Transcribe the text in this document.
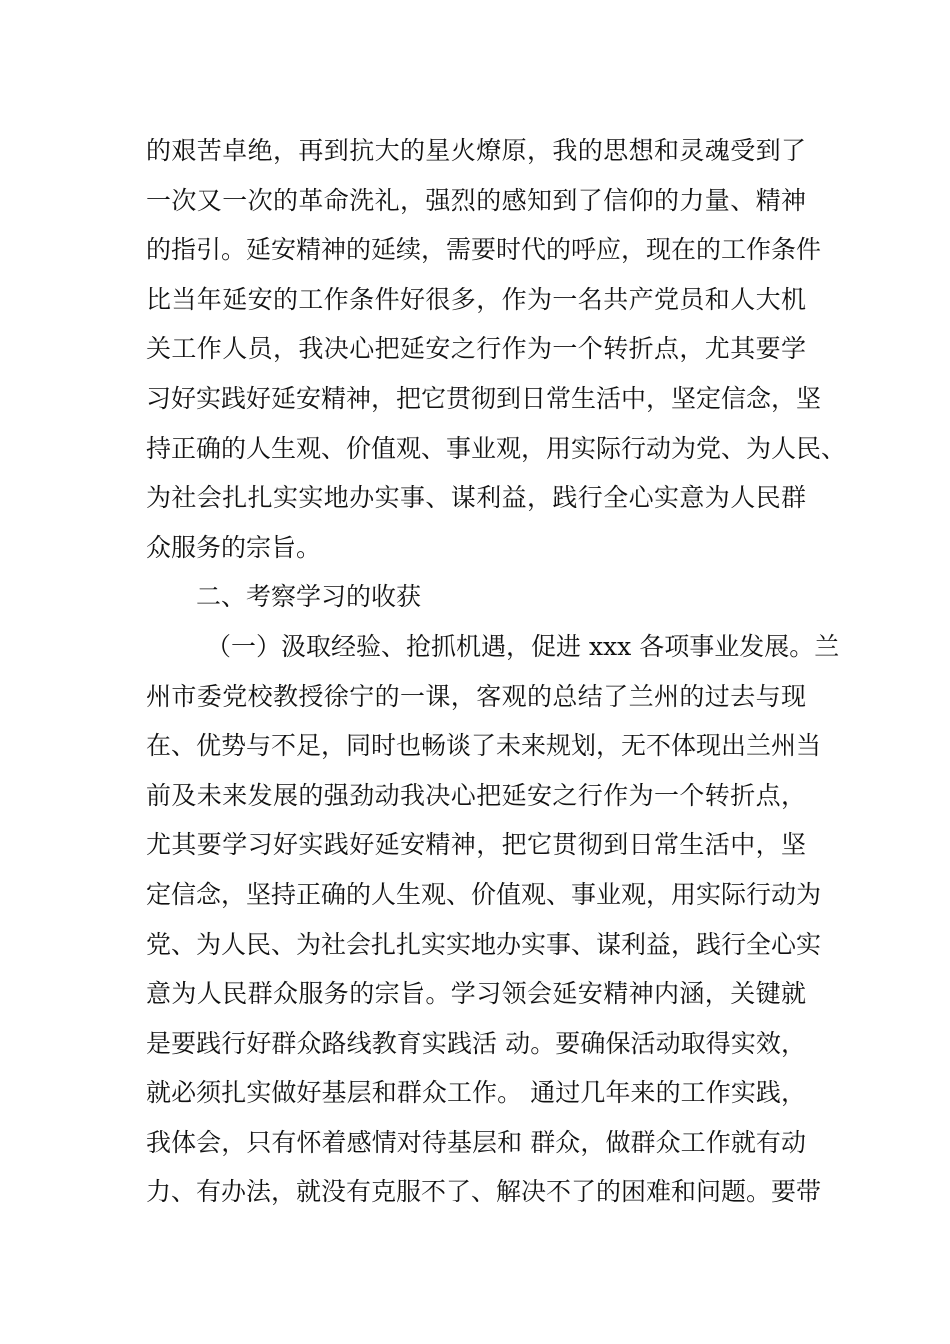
的艰苦卓绝，再到抗大的星火燎原，我的思想和灵魂受到了
一次又一次的革命洗礼，强烈的感知到了信仰的力量、精神
的指引。延安精神的延续，需要时代的呼应，现在的工作条件
比当年延安的工作条件好很多，作为一名共产党员和人大机
关工作人员，我决心把延安之行作为一个转折点，尤其要学
习好实践好延安精神，把它贯彻到日常生活中，坚定信念，坚
持正确的人生观、价值观、事业观，用实际行动为党、为人民、
为社会扎扎实实地办实事、谋利益，践行全心实意为人民群
众服务的宗旨。
二、考察学习的收获
（一）汲取经验、抢抓机遇，促进 xxx 各项事业发展。兰
州市委党校教授徐宁的一课，客观的总结了兰州的过去与现
在、优势与不足，同时也畅谈了未来规划，无不体现出兰州当
前及未来发展的强劲动我决心把延安之行作为一个转折点，
尤其要学习好实践好延安精神，把它贯彻到日常生活中，坚
定信念，坚持正确的人生观、价值观、事业观，用实际行动为
党、为人民、为社会扎扎实实地办实事、谋利益，践行全心实
意为人民群众服务的宗旨。学习领会延安精神内涵，关键就
是要践行好群众路线教育实践活 动。要确保活动取得实效，
就必须扎实做好基层和群众工作。 通过几年来的工作实践，
我体会，只有怀着感情对待基层和 群众，做群众工作就有动
力、有办法，就没有克服不了、解决不了的困难和问题。要带
